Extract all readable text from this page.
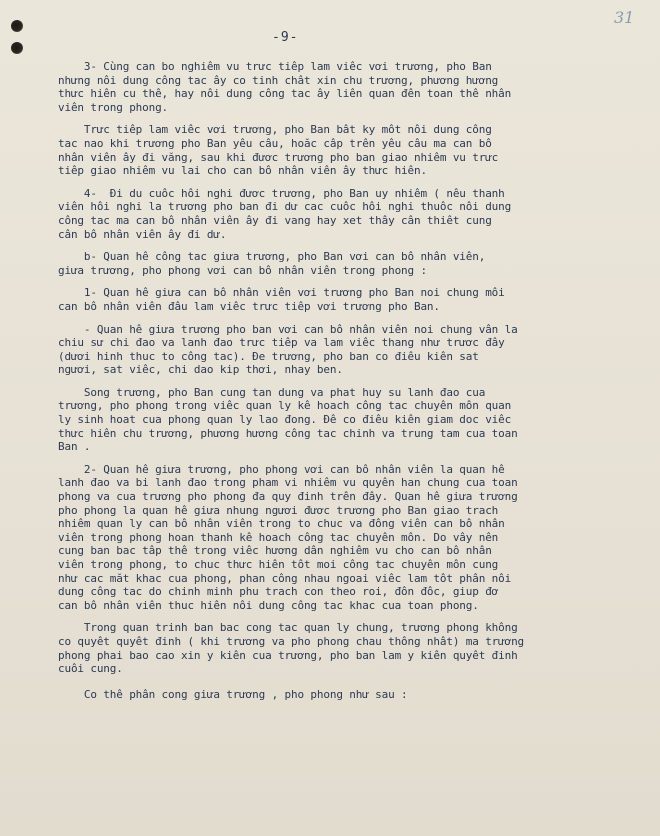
-9-
31
3- Cùng can bo nghiêm vu trưc tiêp lam viêc vơi trương, pho Ban
nhưng nôi dung công tac ây co tinh chât xin chu trương, phương hương
thưc hiên cu thê, hay nôi dung công tac ây liên quan đên toan thê nhân
viên trong phong.
Trưc tiêp lam viêc vơi trương, pho Ban bât ky môt nôi dung công
tac nao khi trương pho Ban yêu câu, hoăc câp trên yêu câu ma can bô
nhân viên ây đi văng, sau khi đươc trương pho ban giao nhiêm vu trưc
tiêp giao nhiêm vu lai cho can bô nhân viên ây thưc hiên.
4-  Đi du cuôc hôi nghi đươc trương, pho Ban uy nhiêm ( nêu thanh
viên hôi nghi la trương pho ban đi dư cac cuôc hôi nghi thuôc nôi dung
công tac ma can bô nhân viên ây đi vang hay xet thây cân thiêt cung
cân bô nhân viên ây đi dư.
b- Quan hê công tac giưa trương, pho Ban vơi can bô nhân viên,
giưa trương, pho phong vơi can bô nhân viên trong phong :
1- Quan hê giưa can bô nhân viên vơi trương pho Ban noi chung môi
can bô nhân viên đâu lam viêc trưc tiêp vơi trương pho Ban.
- Quan hê giưa trương pho ban vơi can bô nhân viên noi chung vân la
chiu sư chi đao va lanh đao trưc tiêp va lam viêc thang như trươc đây
(dươi hinh thuc to công tac). Đe trương, pho ban co điêu kiên sat
ngươi, sat viêc, chi dao kip thơi, nhay ben.
Song trương, pho Ban cung tan dung va phat huy su lanh đao cua
trương, pho phong trong viêc quan ly kê hoach công tac chuyên môn quan
ly sinh hoat cua phong quan ly lao đong. Đê co điêu kiên giam doc viêc
thưc hiên chu trương, phương hương công tac chinh va trung tam cua toan
Ban .
2- Quan hê giưa trương, pho phong vơi can bô nhân viên la quan hê
lanh đao va bi lanh đao trong pham vi nhiêm vu quyên han chung cua toan
phong va cua trương pho phong đa quy đinh trên đây. Quan hê giưa trương
pho phong la quan hê giưa nhung ngươi đươc trương pho Ban giao trach
nhiêm quan ly can bô nhân viên trong to chuc va đông viên can bô nhân
viên trong phong hoan thanh kê hoach công tac chuyên môn. Do vây nên
cung ban bac tâp thê trong viêc hương dân nghiêm vu cho can bô nhân
viên trong phong, to chuc thưc hiên tôt moi công tac chuyên môn cung
như cac măt khac cua phong, phan công nhau ngoai viêc lam tôt phân nôi
dung công tac do chinh minh phu trach con theo roi, đôn đôc, giup đơ
can bô nhân viên thuc hiên nôi dung công tac khac cua toan phong.
Trong quan trinh ban bac cong tac quan ly chung, trương phong không
co quyêt quyêt đinh ( khi trương va pho phong chau thông nhât) ma trương
phong phai bao cao xin y kiên cua trương, pho ban lam y kiên quyêt đinh
cuôi cung.
Co thê phân cong giưa trương , pho phong như sau :
